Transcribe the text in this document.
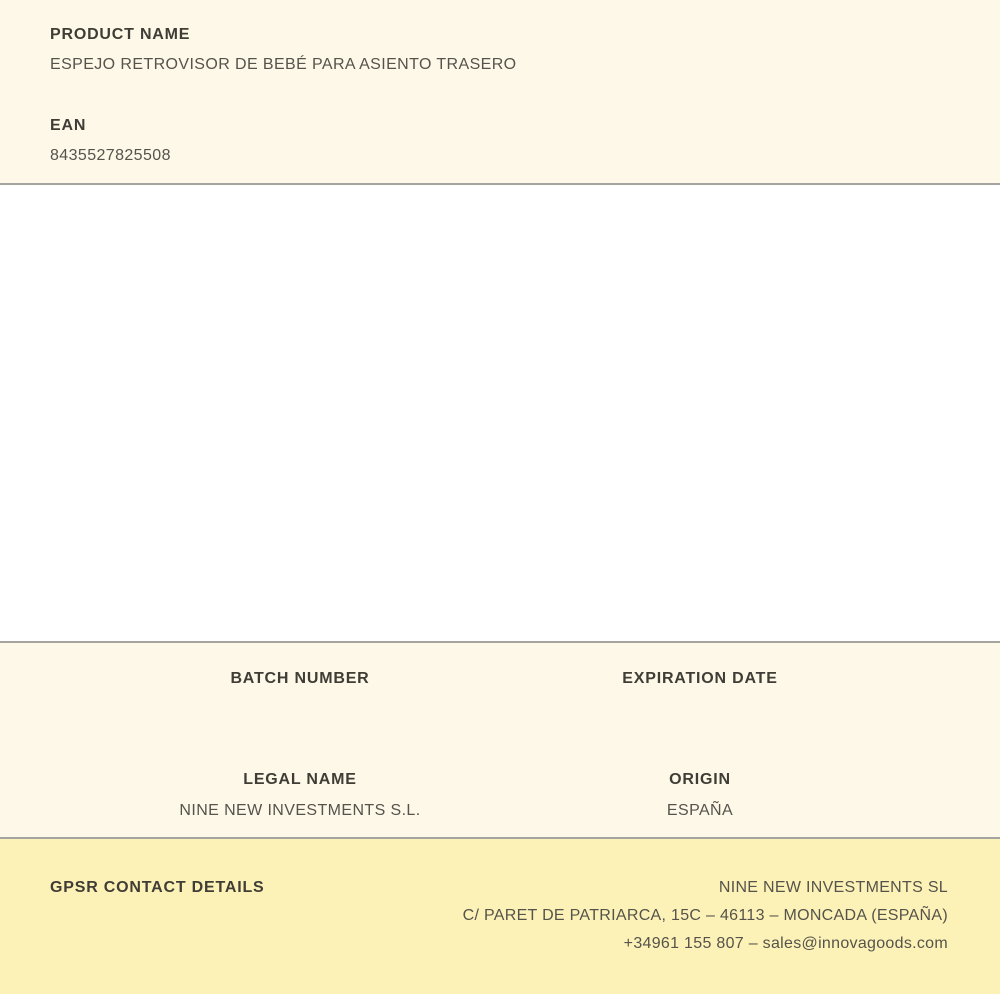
PRODUCT NAME
ESPEJO RETROVISOR DE BEBÉ PARA ASIENTO TRASERO
EAN
8435527825508
BATCH NUMBER	EXPIRATION DATE
LEGAL NAME
NINE NEW INVESTMENTS S.L.
ORIGIN
ESPAÑA
GPSR CONTACT DETAILS	NINE NEW INVESTMENTS SL
C/ PARET DE PATRIARCA, 15C – 46113 – MONCADA (ESPAÑA)
+34961 155 807 – sales@innovagoods.com
